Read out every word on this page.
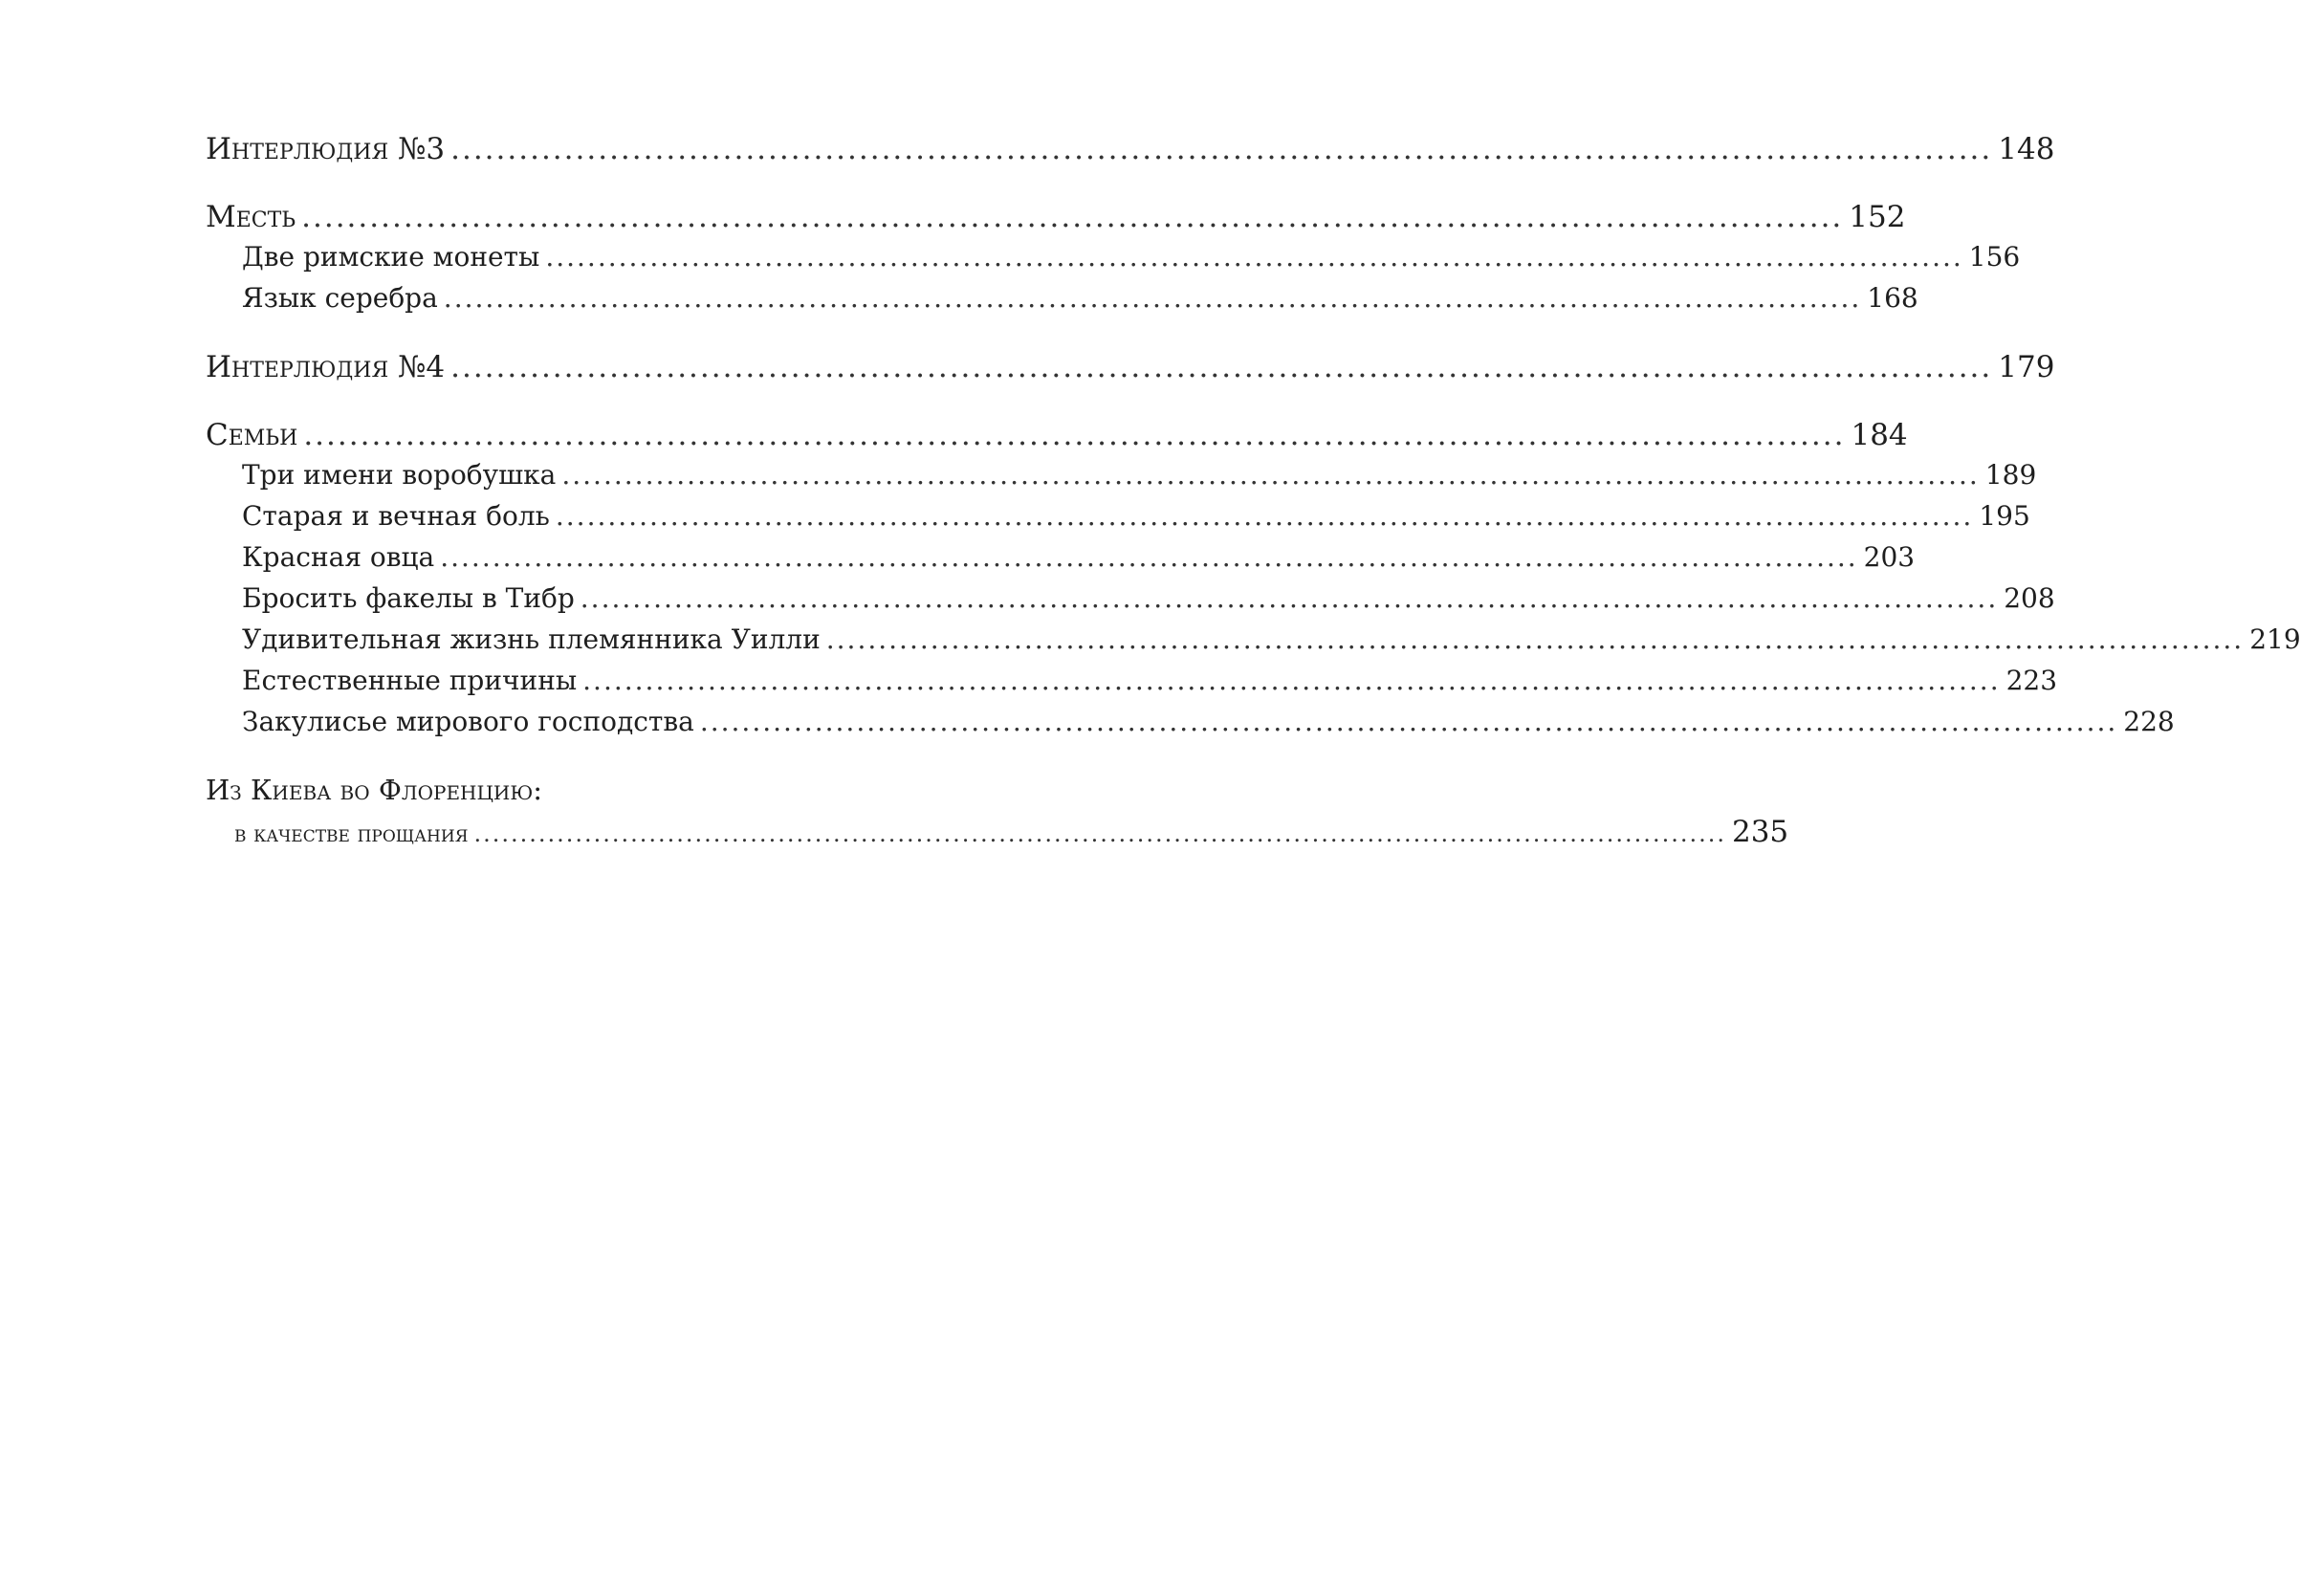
Интерлюдия №3 ........................................................................................................................................ 148
Месть ........................................................................................................................................ 152
Две римские монеты ........................................................................................................................................ 156
Язык серебра ........................................................................................................................................ 168
Интерлюдия №4 ........................................................................................................................................ 179
Семьи ........................................................................................................................................ 184
Три имени воробушка ........................................................................................................................................ 189
Старая и вечная боль ........................................................................................................................................ 195
Красная овца ........................................................................................................................................ 203
Бросить факелы в Тибр ........................................................................................................................................ 208
Удивительная жизнь племянника Уилли ........................................................................................................................................ 219
Естественные причины ........................................................................................................................................ 223
Закулисье мирового господства ........................................................................................................................................ 228
Из Киева во Флоренцию:
в качестве прощания ........................................................................................................................................ 235
